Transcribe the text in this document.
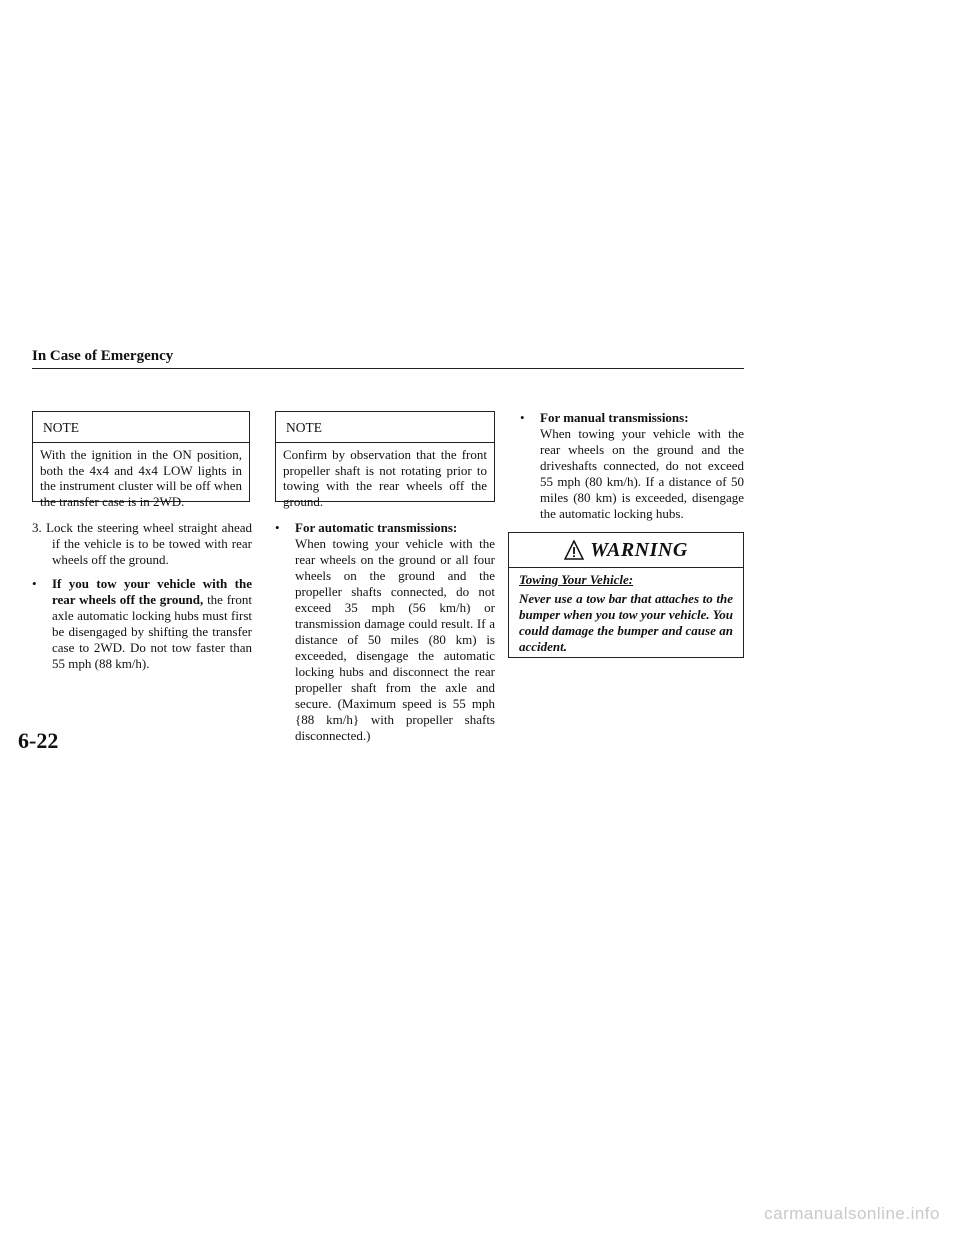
In Case of Emergency
NOTE
With the ignition in the ON position, both the 4x4 and 4x4 LOW lights in the instrument cluster will be off when the transfer case is in 2WD.

3. Lock the steering wheel straight ahead if the vehicle is to be towed with rear wheels off the ground.

• If you tow your vehicle with the rear wheels off the ground, the front axle automatic locking hubs must first be disengaged by shifting the transfer case to 2WD. Do not tow faster than 55 mph (88 km/h).

NOTE
Confirm by observation that the front propeller shaft is not rotating prior to towing with the rear wheels off the ground.

• For automatic transmissions:
When towing your vehicle with the rear wheels on the ground or all four wheels on the ground and the propeller shafts connected, do not exceed 35 mph (56 km/h) or transmission damage could result. If a distance of 50 miles (80 km) is exceeded, disengage the automatic locking hubs and disconnect the rear propeller shaft from the axle and secure. (Maximum speed is 55 mph {88 km/h} with propeller shafts disconnected.)

• For manual transmissions:
When towing your vehicle with the rear wheels on the ground and the driveshafts connected, do not exceed 55 mph (80 km/h). If a distance of 50 miles (80 km) is exceeded, disengage the automatic locking hubs.

WARNING
Towing Your Vehicle:
Never use a tow bar that attaches to the bumper when you tow your vehicle. You could damage the bumper and cause an accident.
6-22
carmanualsonline.info
